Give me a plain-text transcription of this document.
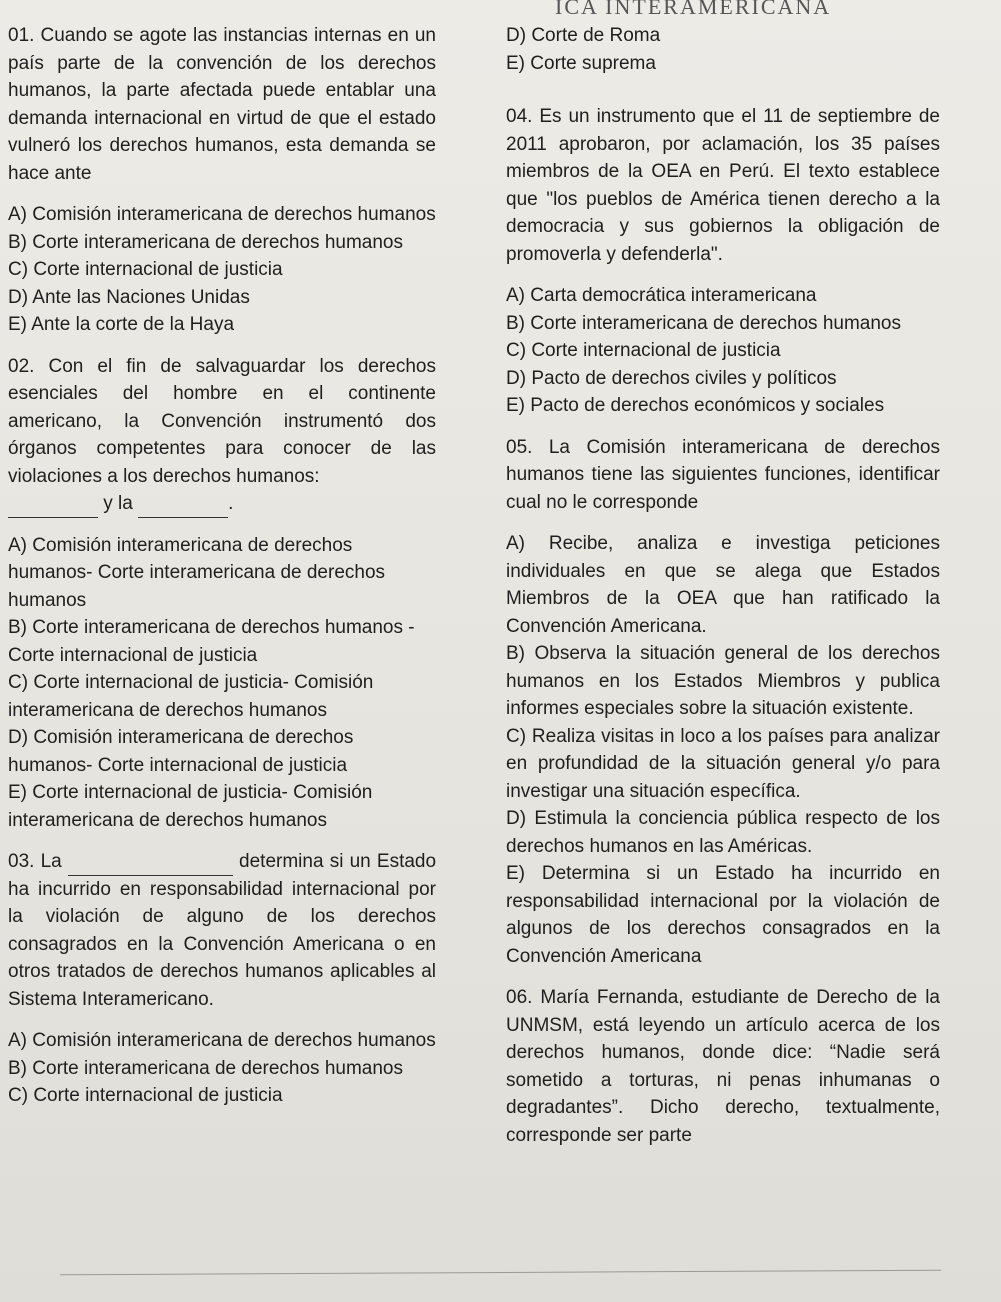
ICA INTERAMERICANA

01. Cuando se agote las instancias internas en un país parte de la convención de los derechos humanos, la parte afectada puede entablar una demanda internacional en virtud de que el estado vulneró los derechos humanos, esta demanda se hace ante

A) Comisión interamericana de derechos humanos

B) Corte interamericana de derechos humanos

C) Corte internacional de justicia

D) Ante las Naciones Unidas

E) Ante la corte de la Haya

02. Con el fin de salvaguardar los derechos esenciales del hombre en el continente americano, la Convención instrumentó dos órganos competentes para conocer de las violaciones a los derechos humanos:

y la	.

A) Comisión interamericana de derechos humanos- Corte interamericana de derechos humanos

B) Corte interamericana de derechos humanos - Corte internacional de justicia

C) Corte internacional de justicia- Comisión interamericana de derechos humanos

D) Comisión interamericana de derechos humanos- Corte internacional de justicia

E) Corte internacional de justicia- Comisión interamericana de derechos humanos

03. La	determina si un Estado ha incurrido en responsabilidad internacional por la violación de alguno de los derechos consagrados en la Convención Americana o en otros tratados de derechos humanos aplicables al Sistema Interamericano.

A) Comisión interamericana de derechos humanos

B) Corte interamericana de derechos humanos

C) Corte internacional de justicia

D) Corte de Roma

E) Corte suprema

04. Es un instrumento que el 11 de septiembre de 2011 aprobaron, por aclamación, los 35 países miembros de la OEA en Perú. El texto establece que "los pueblos de América tienen derecho a la democracia y sus gobiernos la obligación de promoverla y defenderla".

A) Carta democrática interamericana

B) Corte interamericana de derechos humanos

C) Corte internacional de justicia

D) Pacto de derechos civiles y políticos

E) Pacto de derechos económicos y sociales

05. La Comisión interamericana de derechos humanos tiene las siguientes funciones, identificar cual no le corresponde

A) Recibe, analiza e investiga peticiones individuales en que se alega que Estados Miembros de la OEA que han ratificado la Convención Americana.

B) Observa la situación general de los derechos humanos en los Estados Miembros y publica informes especiales sobre la situación existente.

C) Realiza visitas in loco a los países para analizar en profundidad de la situación general y/o para investigar una situación específica.

D) Estimula la conciencia pública respecto de los derechos humanos en las Américas.

E) Determina si un Estado ha incurrido en responsabilidad internacional por la violación de algunos de los derechos consagrados en la Convención Americana

06. María Fernanda, estudiante de Derecho de la UNMSM, está leyendo un artículo acerca de los derechos humanos, donde dice: “Nadie será sometido a torturas, ni penas inhumanas o degradantes”. Dicho derecho, textualmente, corresponde ser parte
